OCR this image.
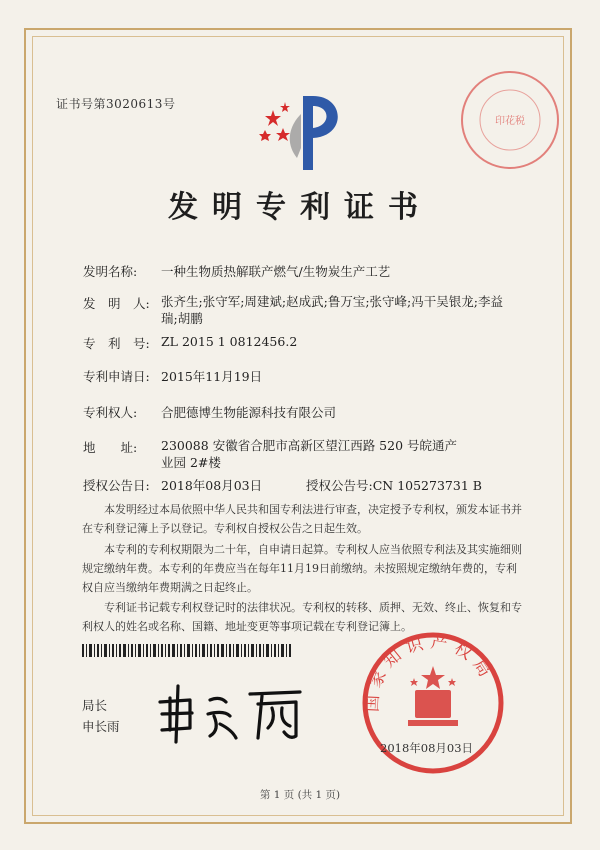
印花税
证书号第3020613号
发明专利证书
发明名称: 一种生物质热解联产燃气/生物炭生产工艺
发　明　人: 张齐生;张守军;周建斌;赵成武;鲁万宝;张守峰;冯干吴银龙;李益瑞;胡鹏
专　利　号: ZL 2015 1 0812456.2
专利申请日: 2015年11月19日
专利权人: 合肥德博生物能源科技有限公司
地　　址:	230088 安徽省合肥市高新区望江西路 520 号皖通产业园 2#楼
授权公告日: 2018年08月03日	授权公告号:CN 105273731 B
本发明经过本局依照中华人民共和国专利法进行审查，决定授予专利权，颁发本证书并在专利登记簿上予以登记。专利权自授权公告之日起生效。
本专利的专利权期限为二十年，自申请日起算。专利权人应当依照专利法及其实施细则规定缴纳年费。本专利的年费应当在每年11月19日前缴纳。未按照规定缴纳年费的，专利权自应当缴纳年费期满之日起终止。
专利证书记载专利权登记时的法律状况。专利权的转移、质押、无效、终止、恢复和专利权人的姓名或名称、国籍、地址变更等事项记载在专利登记簿上。
局长
申长雨
国家知识产权局
2018年08月03日
第 1 页 (共 1 页)
